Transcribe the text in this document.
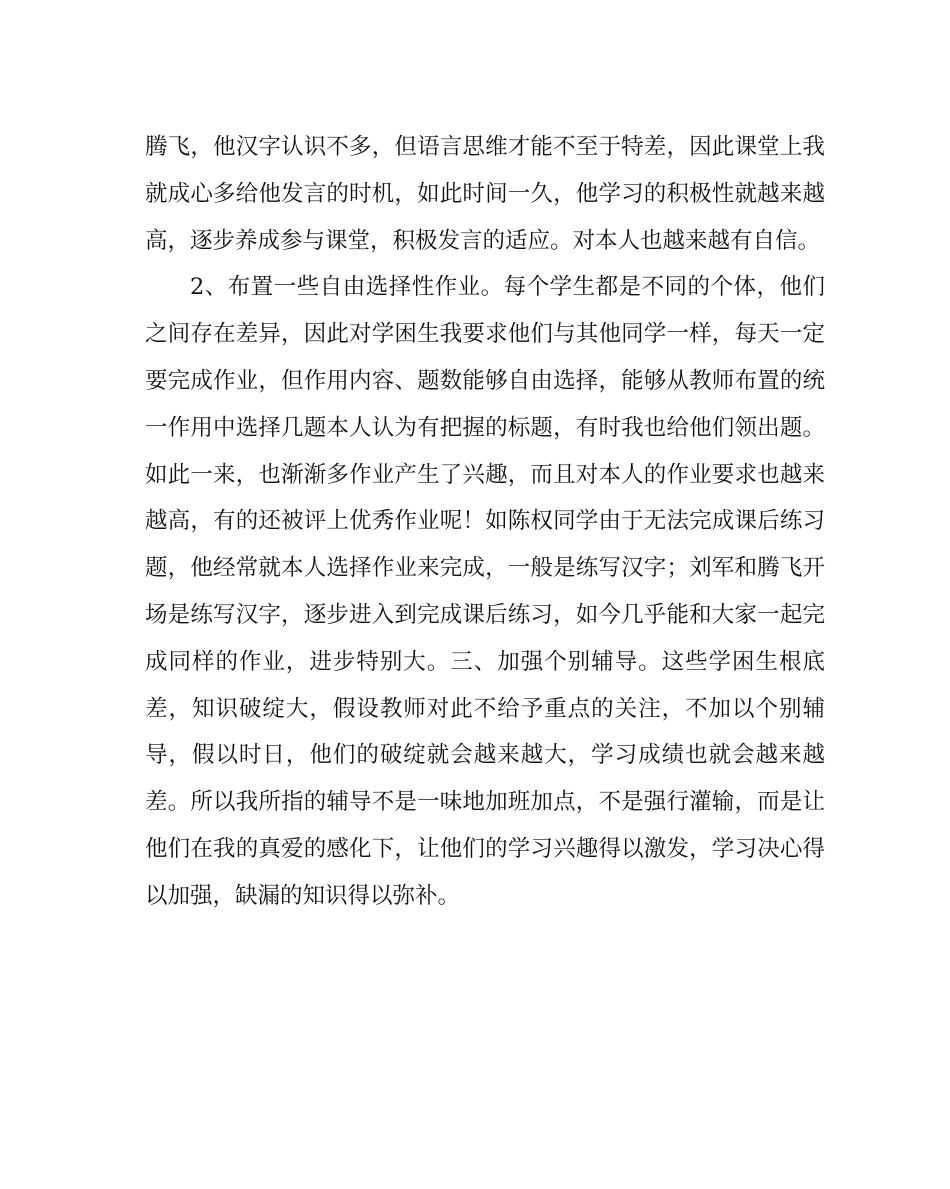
腾飞，他汉字认识不多，但语言思维才能不至于特差，因此课堂上我
就成心多给他发言的时机，如此时间一久，他学习的积极性就越来越
高，逐步养成参与课堂，积极发言的适应。对本人也越来越有自信。
2、布置一些自由选择性作业。每个学生都是不同的个体，他们
之间存在差异，因此对学困生我要求他们与其他同学一样，每天一定
要完成作业，但作用内容、题数能够自由选择，能够从教师布置的统
一作用中选择几题本人认为有把握的标题，有时我也给他们领出题。
如此一来，也渐渐多作业产生了兴趣，而且对本人的作业要求也越来
越高，有的还被评上优秀作业呢！如陈权同学由于无法完成课后练习
题，他经常就本人选择作业来完成，一般是练写汉字；刘军和腾飞开
场是练写汉字，逐步进入到完成课后练习，如今几乎能和大家一起完
成同样的作业，进步特别大。三、加强个别辅导。这些学困生根底
差，知识破绽大，假设教师对此不给予重点的关注，不加以个别辅
导，假以时日，他们的破绽就会越来越大，学习成绩也就会越来越
差。所以我所指的辅导不是一味地加班加点，不是强行灌输，而是让
他们在我的真爱的感化下，让他们的学习兴趣得以激发，学习决心得
以加强，缺漏的知识得以弥补。
